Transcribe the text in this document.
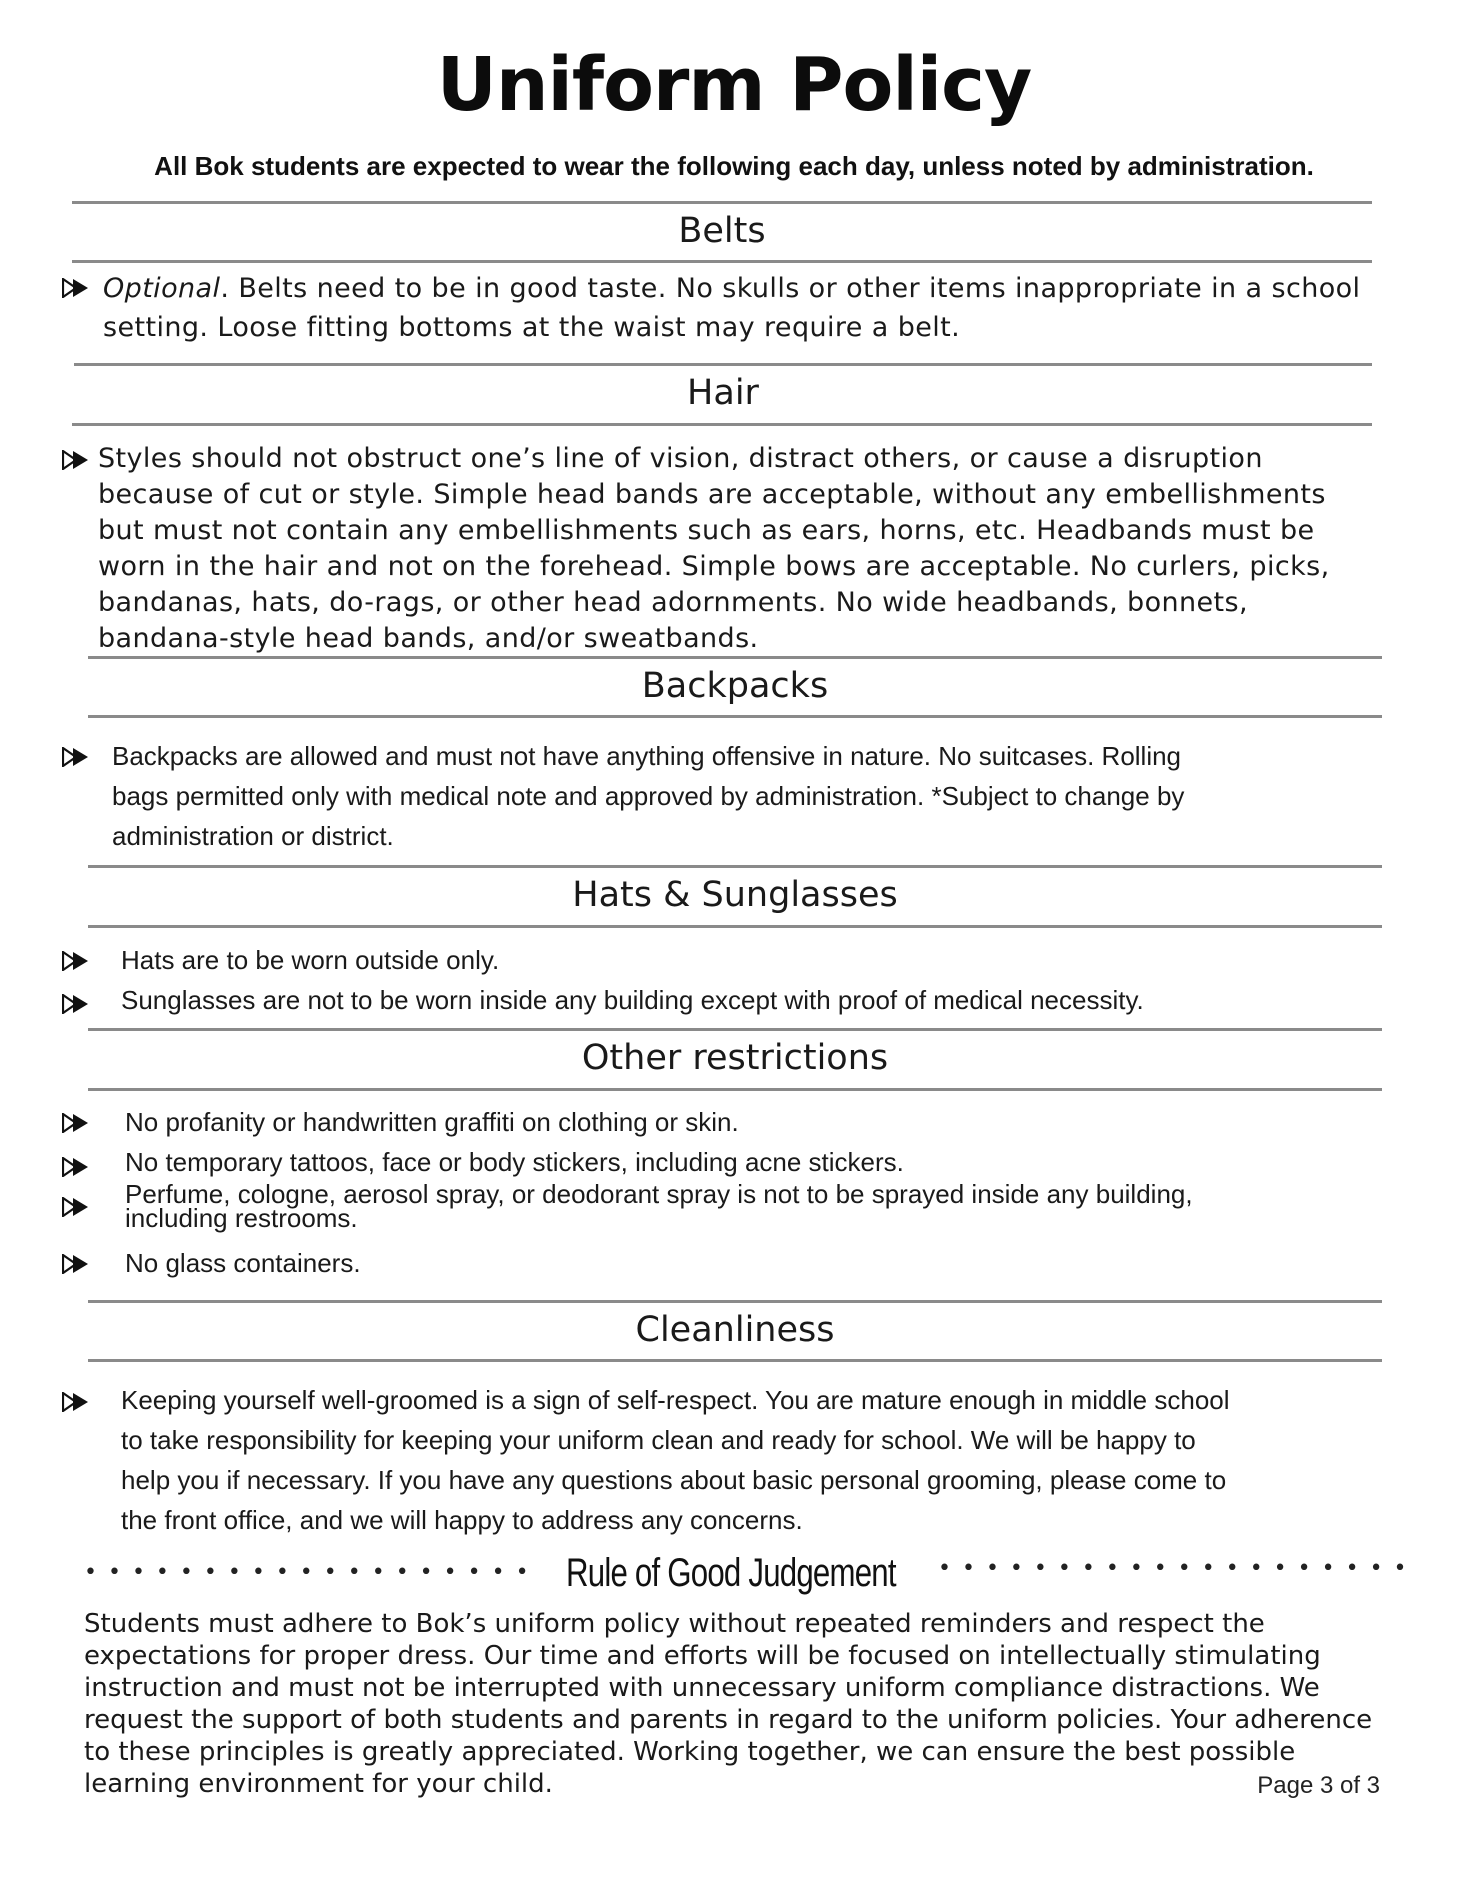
Uniform Policy
All Bok students are expected to wear the following each day, unless noted by administration.
Belts
Optional. Belts need to be in good taste. No skulls or other items inappropriate in a school
setting. Loose fitting bottoms at the waist may require a belt.
Hair
Styles should not obstruct one’s line of vision, distract others, or cause a disruption
because of cut or style. Simple head bands are acceptable, without any embellishments
but must not contain any embellishments such as ears, horns, etc. Headbands must be
worn in the hair and not on the forehead. Simple bows are acceptable. No curlers, picks,
bandanas, hats, do-rags, or other head adornments. No wide headbands, bonnets,
bandana-style head bands, and/or sweatbands.
Backpacks
Backpacks are allowed and must not have anything offensive in nature. No suitcases. Rolling
bags permitted only with medical note and approved by administration. *Subject to change by
administration or district.
Hats & Sunglasses
Hats are to be worn outside only.
Sunglasses are not to be worn inside any building except with proof of medical necessity.
Other restrictions
No profanity or handwritten graffiti on clothing or skin.
No temporary tattoos, face or body stickers, including acne stickers.
Perfume, cologne, aerosol spray, or deodorant spray is not to be sprayed inside any building,
including restrooms.
No glass containers.
Cleanliness
Keeping yourself well-groomed is a sign of self-respect. You are mature enough in middle school
to take responsibility for keeping your uniform clean and ready for school. We will be happy to
help you if necessary. If you have any questions about basic personal grooming, please come to
the front office, and we will happy to address any concerns.
••••••••••••••••••• Rule of Good Judgement ••••••••••••••••••••
Students must adhere to Bok’s uniform policy without repeated reminders and respect the
expectations for proper dress. Our time and efforts will be focused on intellectually stimulating
instruction and must not be interrupted with unnecessary uniform compliance distractions. We
request the support of both students and parents in regard to the uniform policies. Your adherence
to these principles is greatly appreciated. Working together, we can ensure the best possible
learning environment for your child.	Page 3 of 3
